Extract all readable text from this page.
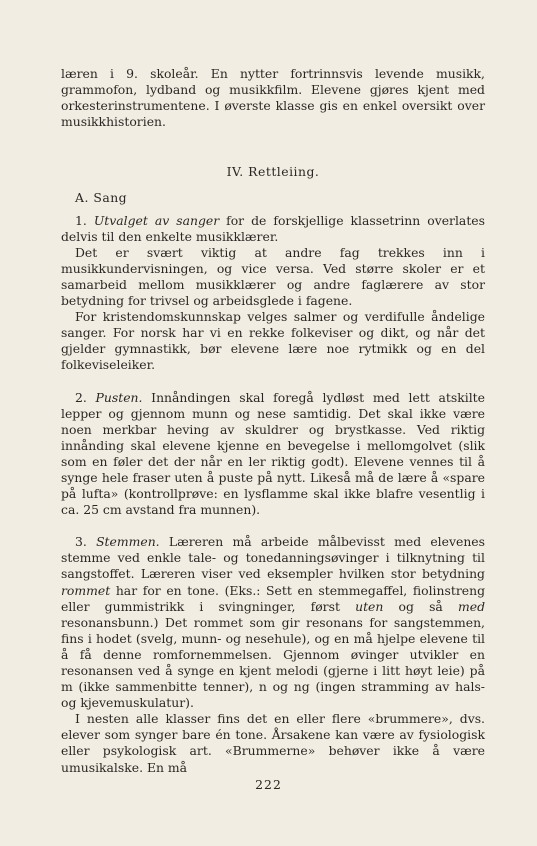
læren i 9. skoleår. En nytter fortrinnsvis levende musikk, grammofon, lydband og musikkfilm. Elevene gjøres kjent med orkesterinstrumentene. I øverste klasse gis en enkel oversikt over musikkhistorien.

IV. Rettleiing.

A. Sang

1. Utvalget av sanger for de forskjellige klassetrinn overlates delvis til den enkelte musikklærer.

Det er svært viktig at andre fag trekkes inn i musikkundervisningen, og vice versa. Ved større skoler er et samarbeid mellom musikklærer og andre faglærere av stor betydning for trivsel og arbeidsglede i fagene.

For kristendomskunnskap velges salmer og verdifulle åndelige sanger. For norsk har vi en rekke folkeviser og dikt, og når det gjelder gymnastikk, bør elevene lære noe rytmikk og en del folkeviseleiker.

2. Pusten. Innåndingen skal foregå lydløst med lett atskilte lepper og gjennom munn og nese samtidig. Det skal ikke være noen merkbar heving av skuldrer og brystkasse. Ved riktig innånding skal elevene kjenne en bevegelse i mellomgolvet (slik som en føler det der når en ler riktig godt). Elevene vennes til å synge hele fraser uten å puste på nytt. Likeså må de lære å «spare på lufta» (kontrollprøve: en lysflamme skal ikke blafre vesentlig i ca. 25 cm avstand fra munnen).

3. Stemmen. Læreren må arbeide målbevisst med elevenes stemme ved enkle tale- og tonedanningsøvinger i tilknytning til sangstoffet. Læreren viser ved eksempler hvilken stor betydning rommet har for en tone. (Eks.: Sett en stemmegaffel, fiolinstreng eller gummistrikk i svingninger, først uten og så med resonansbunn.) Det rommet som gir resonans for sangstemmen, fins i hodet (svelg, munn- og nesehule), og en må hjelpe elevene til å få denne romfornemmelsen. Gjennom øvinger utvikler en resonansen ved å synge en kjent melodi (gjerne i litt høyt leie) på m (ikke sammenbitte tenner), n og ng (ingen stramming av hals- og kjevemuskulatur).

I nesten alle klasser fins det en eller flere «brummere», dvs. elever som synger bare én tone. Årsakene kan være av fysiologisk eller psykologisk art. «Brummerne» behøver ikke å være umusikalske. En må

222
